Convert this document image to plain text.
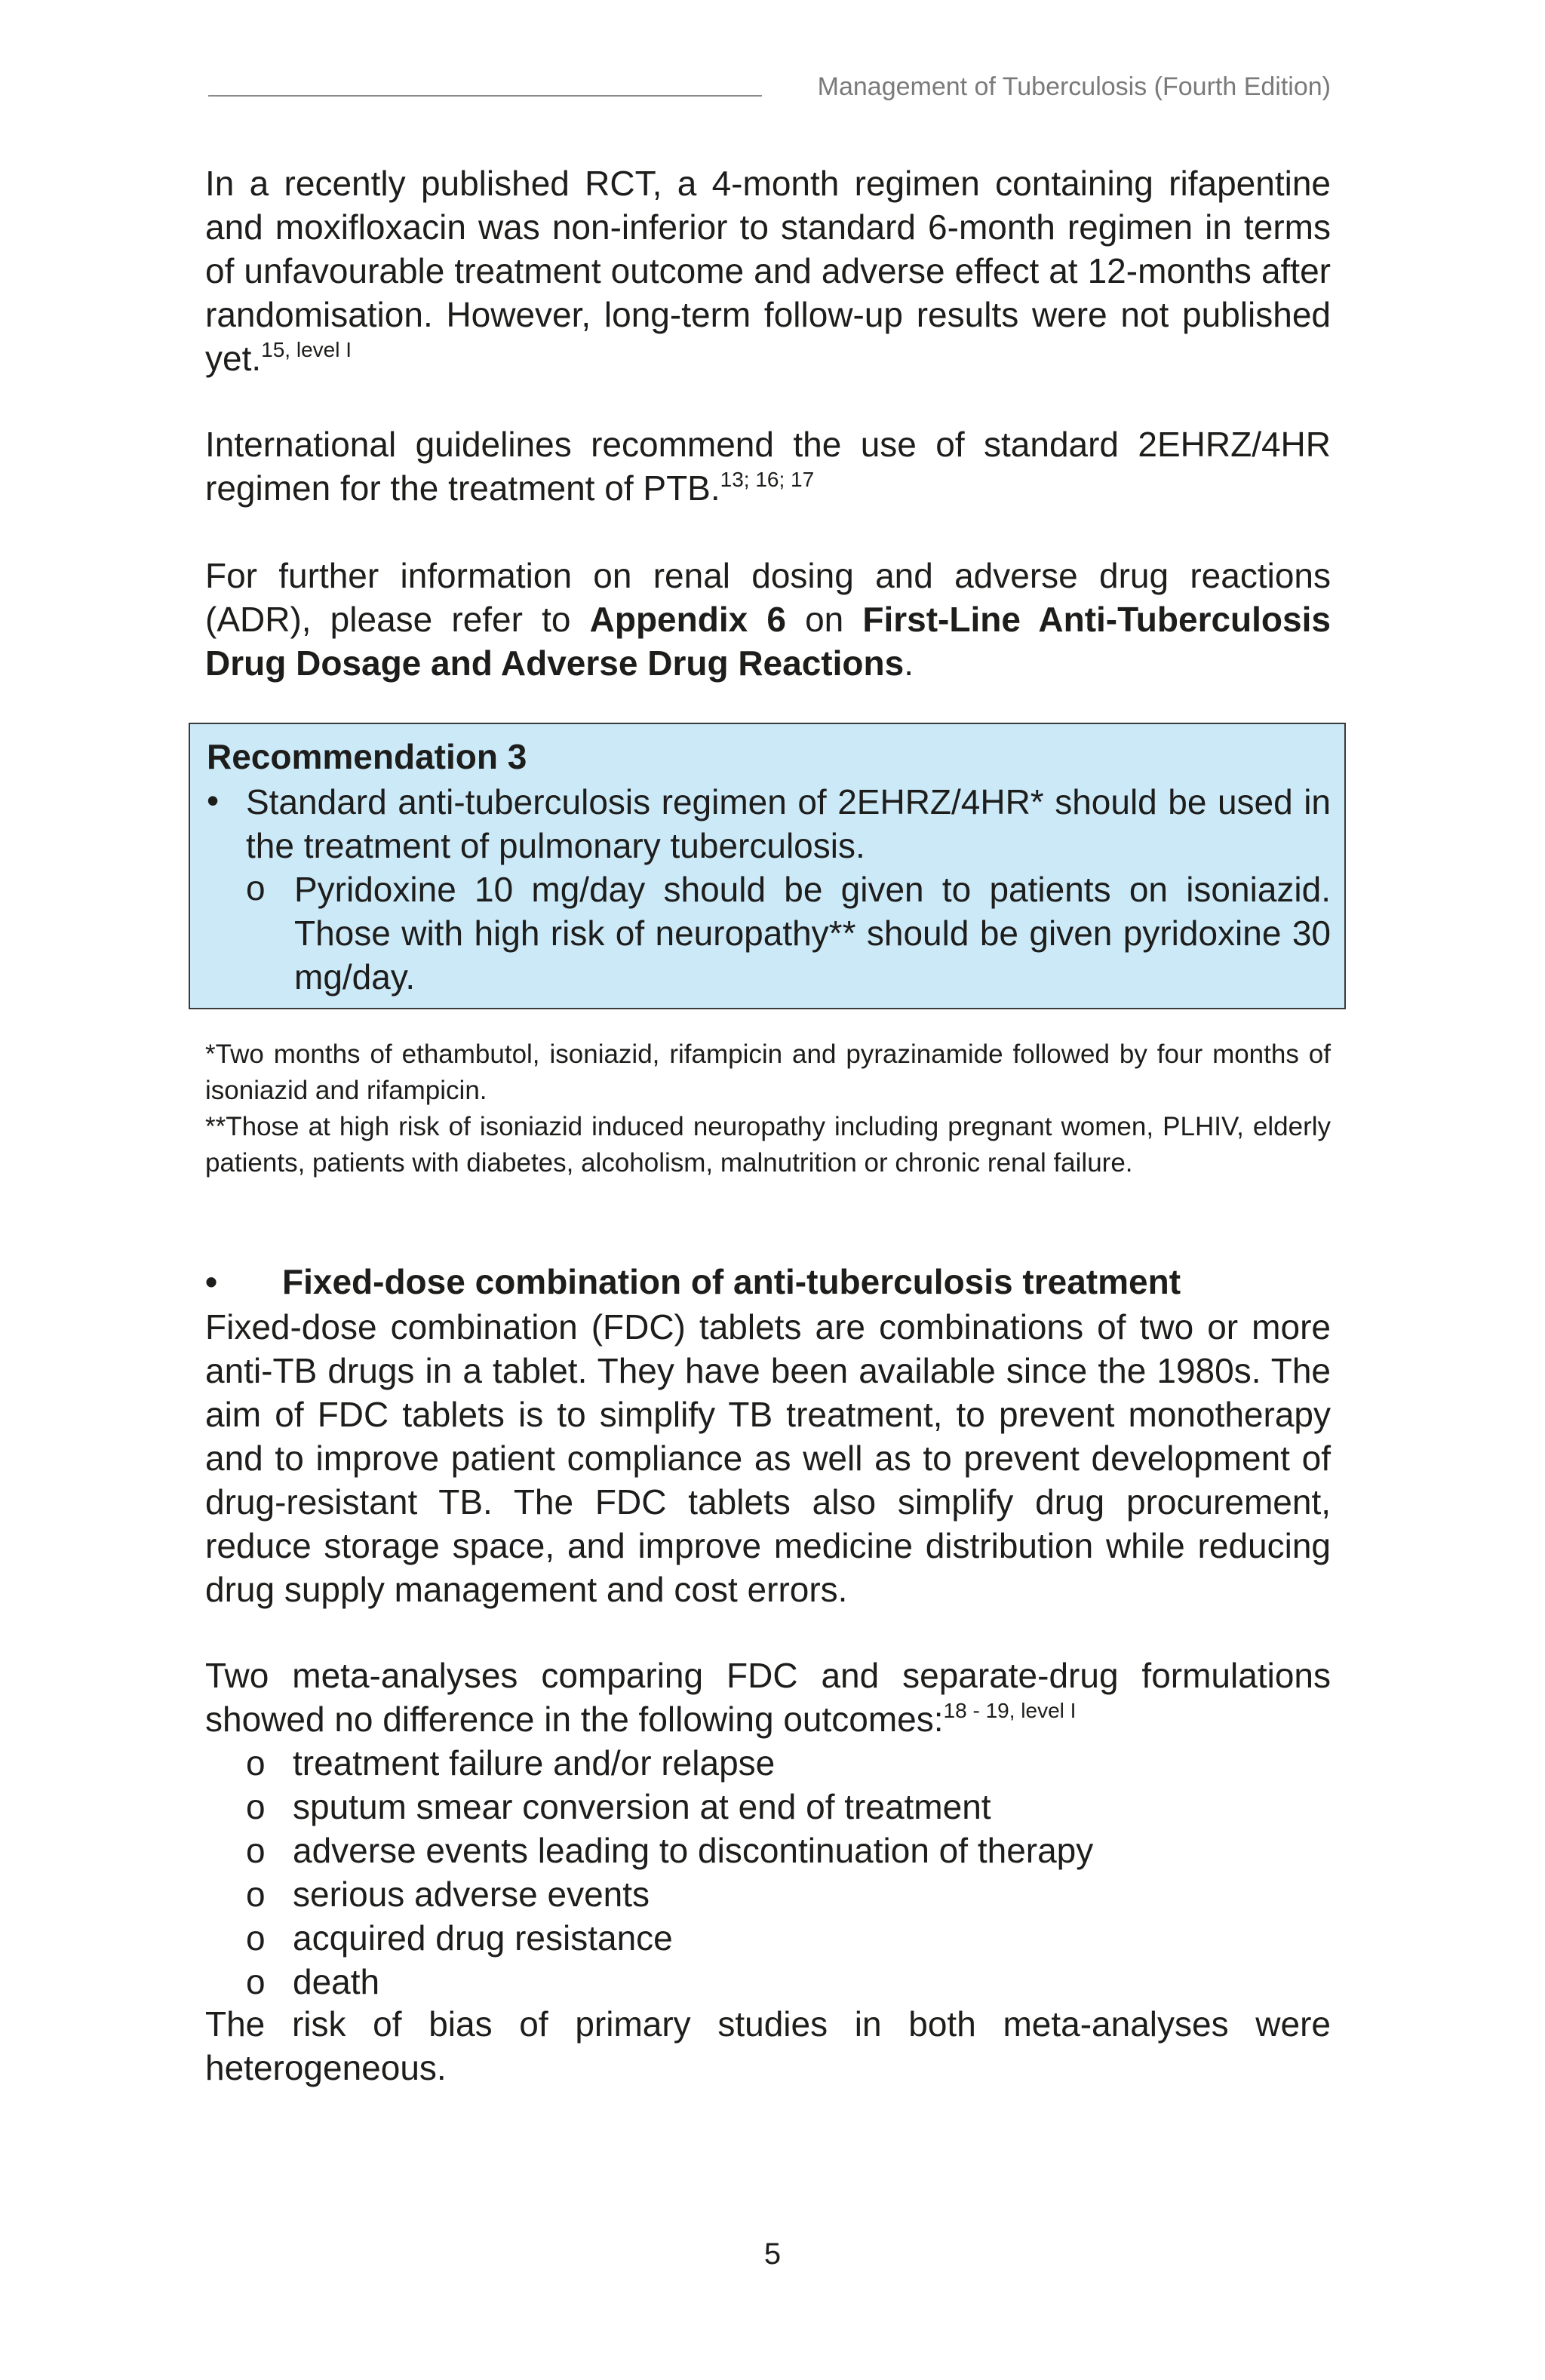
Management of Tuberculosis (Fourth Edition)

In a recently published RCT, a 4-month regimen containing rifapentine and moxifloxacin was non-inferior to standard 6-month regimen in terms of unfavourable treatment outcome and adverse effect at 12-months after randomisation. However, long-term follow-up results were not published yet.$^{15, level I}$

International guidelines recommend the use of standard 2EHRZ/4HR regimen for the treatment of PTB.$^{13; 16; 17}$

For further information on renal dosing and adverse drug reactions (ADR), please refer to Appendix 6 on First-Line Anti-Tuberculosis Drug Dosage and Adverse Drug Reactions.

Recommendation 3
• Standard anti-tuberculosis regimen of 2EHRZ/4HR* should be used in the treatment of pulmonary tuberculosis.
o Pyridoxine 10 mg/day should be given to patients on isoniazid. Those with high risk of neuropathy** should be given pyridoxine 30 mg/day.

*Two months of ethambutol, isoniazid, rifampicin and pyrazinamide followed by four months of isoniazid and rifampicin.

**Those at high risk of isoniazid induced neuropathy including pregnant women, PLHIV, elderly patients, patients with diabetes, alcoholism, malnutrition or chronic renal failure.

• Fixed-dose combination of anti-tuberculosis treatment

Fixed-dose combination (FDC) tablets are combinations of two or more anti-TB drugs in a tablet. They have been available since the 1980s. The aim of FDC tablets is to simplify TB treatment, to prevent monotherapy and to improve patient compliance as well as to prevent development of drug-resistant TB. The FDC tablets also simplify drug procurement, reduce storage space, and improve medicine distribution while reducing drug supply management and cost errors.

Two meta-analyses comparing FDC and separate-drug formulations showed no difference in the following outcomes:$^{18 - 19, level I}$

o treatment failure and/or relapse
o sputum smear conversion at end of treatment
o adverse events leading to discontinuation of therapy
o serious adverse events
o acquired drug resistance
o death

The risk of bias of primary studies in both meta-analyses were heterogeneous.

5
